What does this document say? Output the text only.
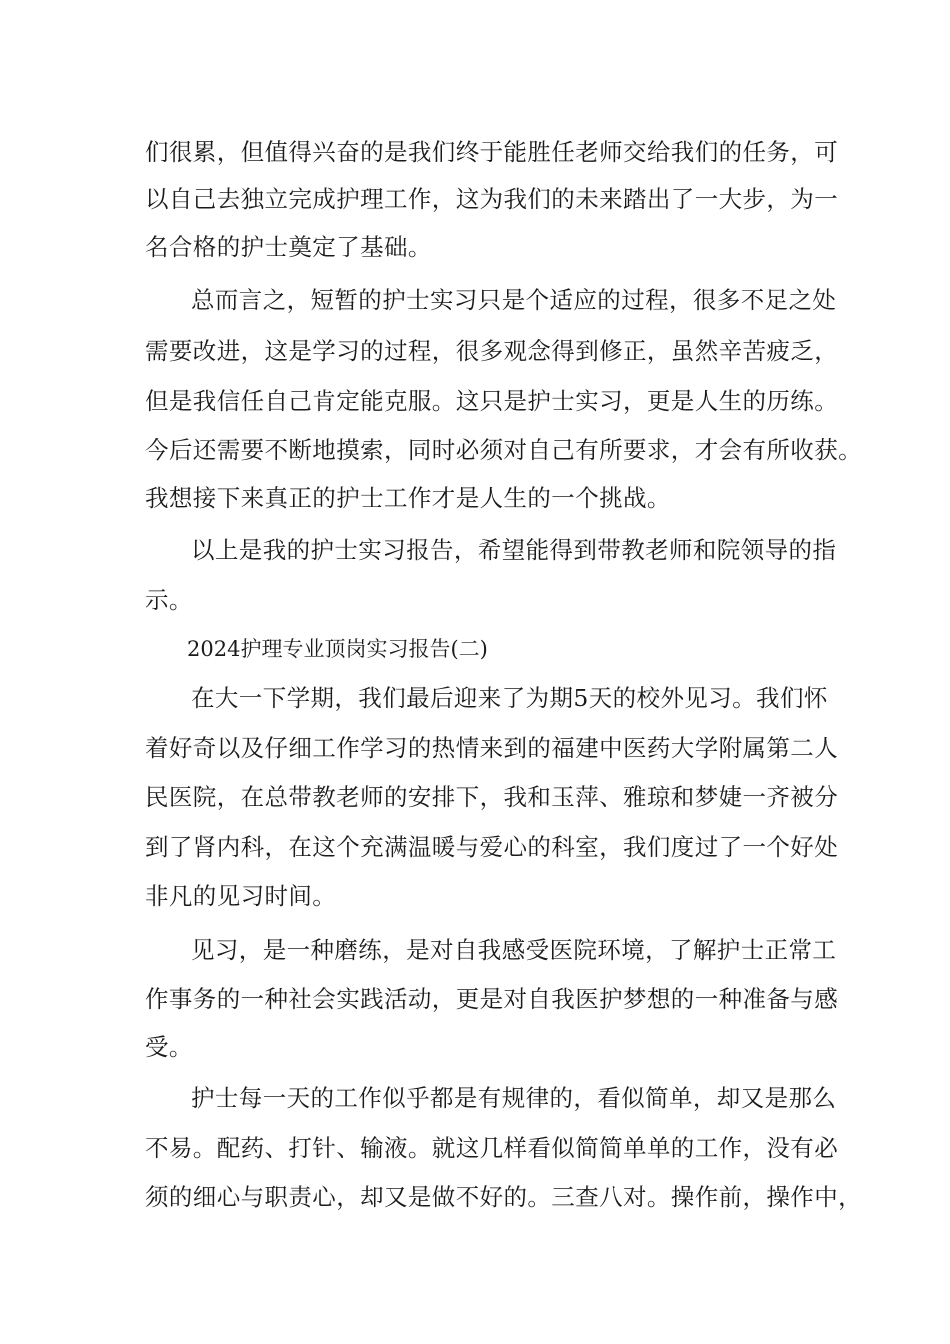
们很累，但值得兴奋的是我们终于能胜任老师交给我们的任务，可
以自己去独立完成护理工作，这为我们的未来踏出了一大步，为一
名合格的护士奠定了基础。
总而言之，短暂的护士实习只是个适应的过程，很多不足之处
需要改进，这是学习的过程，很多观念得到修正，虽然辛苦疲乏，
但是我信任自己肯定能克服。这只是护士实习，更是人生的历练。
今后还需要不断地摸索，同时必须对自己有所要求，才会有所收获。
我想接下来真正的护士工作才是人生的一个挑战。
以上是我的护士实习报告，希望能得到带教老师和院领导的指
示。
2024护理专业顶岗实习报告(二)
在大一下学期，我们最后迎来了为期5天的校外见习。我们怀
着好奇以及仔细工作学习的热情来到的福建中医药大学附属第二人
民医院，在总带教老师的安排下，我和玉萍、雅琼和梦婕一齐被分
到了肾内科，在这个充满温暖与爱心的科室，我们度过了一个好处
非凡的见习时间。
见习，是一种磨练，是对自我感受医院环境，了解护士正常工
作事务的一种社会实践活动，更是对自我医护梦想的一种准备与感
受。
护士每一天的工作似乎都是有规律的，看似简单，却又是那么
不易。配药、打针、输液。就这几样看似简简单单的工作，没有必
须的细心与职责心，却又是做不好的。三查八对。操作前，操作中，
